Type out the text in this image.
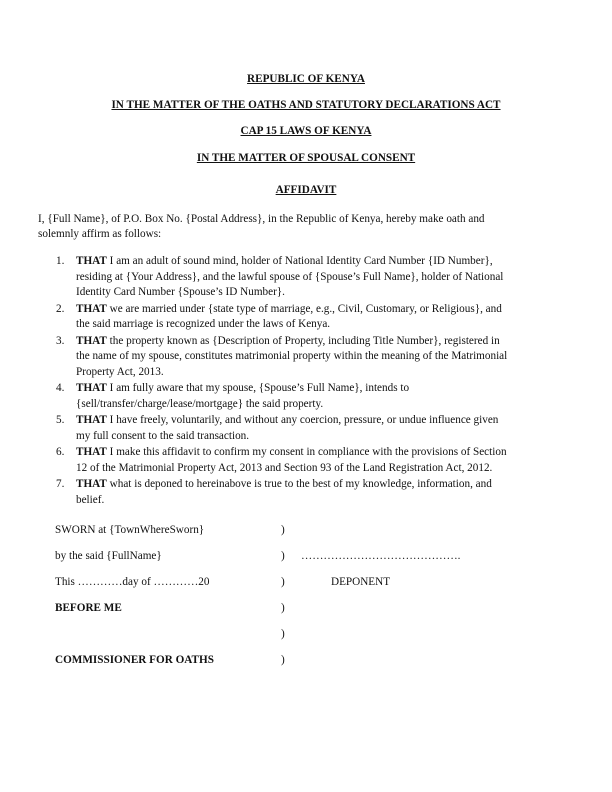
REPUBLIC OF KENYA
IN THE MATTER OF THE OATHS AND STATUTORY DECLARATIONS ACT
CAP 15 LAWS OF KENYA
IN THE MATTER OF SPOUSAL CONSENT
AFFIDAVIT
I, {Full Name}, of P.O. Box No. {Postal Address}, in the Republic of Kenya, hereby make oath and
solemnly affirm as follows:
1. THAT I am an adult of sound mind, holder of National Identity Card Number {ID Number},
residing at {Your Address}, and the lawful spouse of {Spouse’s Full Name}, holder of National
Identity Card Number {Spouse’s ID Number}.
2. THAT we are married under {state type of marriage, e.g., Civil, Customary, or Religious}, and
the said marriage is recognized under the laws of Kenya.
3. THAT the property known as {Description of Property, including Title Number}, registered in
the name of my spouse, constitutes matrimonial property within the meaning of the Matrimonial
Property Act, 2013.
4. THAT I am fully aware that my spouse, {Spouse’s Full Name}, intends to
{sell/transfer/charge/lease/mortgage} the said property.
5. THAT I have freely, voluntarily, and without any coercion, pressure, or undue influence given
my full consent to the said transaction.
6. THAT I make this affidavit to confirm my consent in compliance with the provisions of Section
12 of the Matrimonial Property Act, 2013 and Section 93 of the Land Registration Act, 2012.
7. THAT what is deponed to hereinabove is true to the best of my knowledge, information, and
belief.
SWORN at {TownWhereSworn}	)
by the said {FullName}	) …………………………………….
This …………day of …………20	)	DEPONENT
BEFORE ME	)
)
COMMISSIONER FOR OATHS	)
